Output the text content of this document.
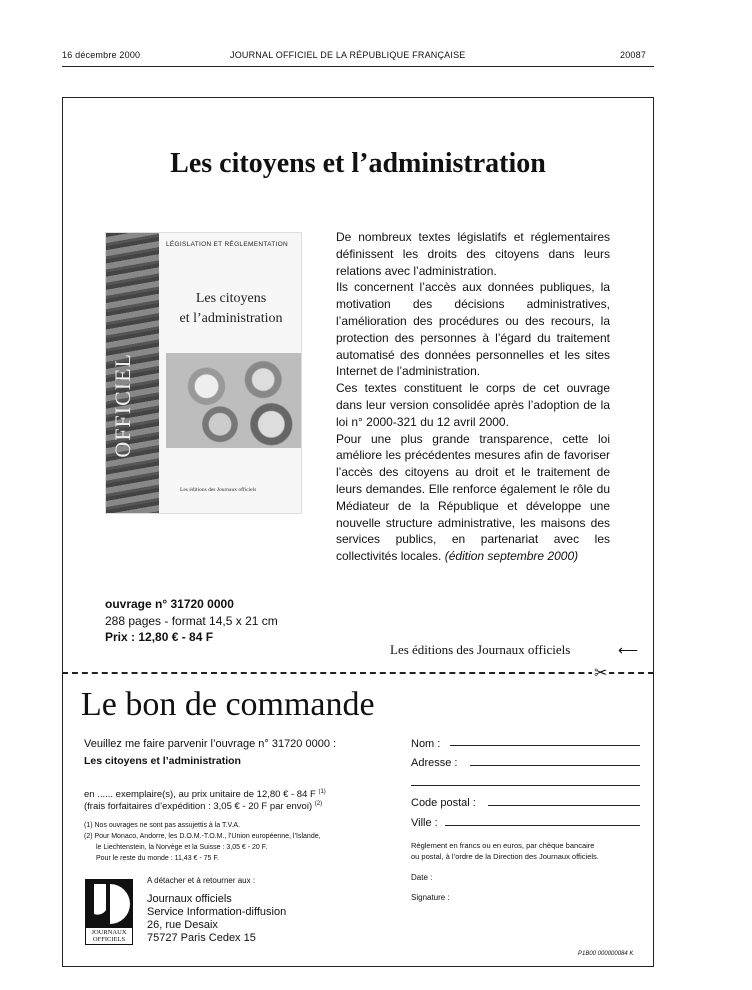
16 décembre 2000	JOURNAL OFFICIEL DE LA RÉPUBLIQUE FRANÇAISE	20087
Les citoyens et l’administration
OFFICIEL
LÉGISLATION ET RÉGLEMENTATION
Les citoyens
et l’administration
Les éditions des Journaux officiels

De nombreux textes législatifs et réglementaires définissent les droits des citoyens dans leurs relations avec l’administration.

Ils concernent l’accès aux données publiques, la motivation des décisions administratives, l’amélioration des procédures ou des recours, la protection des personnes à l’égard du traitement automatisé des données personnelles et les sites Internet de l’administration.

Ces textes constituent le corps de cet ouvrage dans leur version consolidée après l’adoption de la loi n° 2000-321 du 12 avril 2000.

Pour une plus grande transparence, cette loi améliore les précédentes mesures afin de favoriser l’accès des citoyens au droit et le traitement de leurs demandes. Elle renforce également le rôle du Médiateur de la République et développe une nouvelle structure administrative, les maisons des services publics, en partenariat avec les collectivités locales. (édition septembre 2000)

ouvrage n° 31720 0000
288 pages - format 14,5 x 21 cm
Prix : 12,80 € - 84 F
Les éditions des Journaux officiels	⟵
✂
Le bon de commande
Veuillez me faire parvenir l’ouvrage n° 31720 0000 :
Les citoyens et l’administration
en ...... exemplaire(s), au prix unitaire de 12,80 € - 84 F $^{(1)}$
(frais forfaitaires d’expédition : 3,05 € - 20 F par envoi) $^{(2)}$
(1) Nos ouvrages ne sont pas assujettis à la T.V.A.
(2) Pour Monaco, Andorre, les D.O.M.-T.O.M., l’Union européenne, l’Islande,
le Liechtenstein, la Norvège et la Suisse : 3,05 € - 20 F.
Pour le reste du monde : 11,43 € - 75 F.
A détacher et à retourner aux :
JOURNAUX
OFFICIELS
Journaux officiels
Service Information-diffusion
26, rue Desaix
75727 Paris Cedex 15
Nom :
Adresse :
Code postal :
Ville :
Règlement en francs ou en euros, par chèque bancaire
ou postal, à l’ordre de la Direction des Journaux officiels.
Date :
Signature :
P1B00 000000084 K
